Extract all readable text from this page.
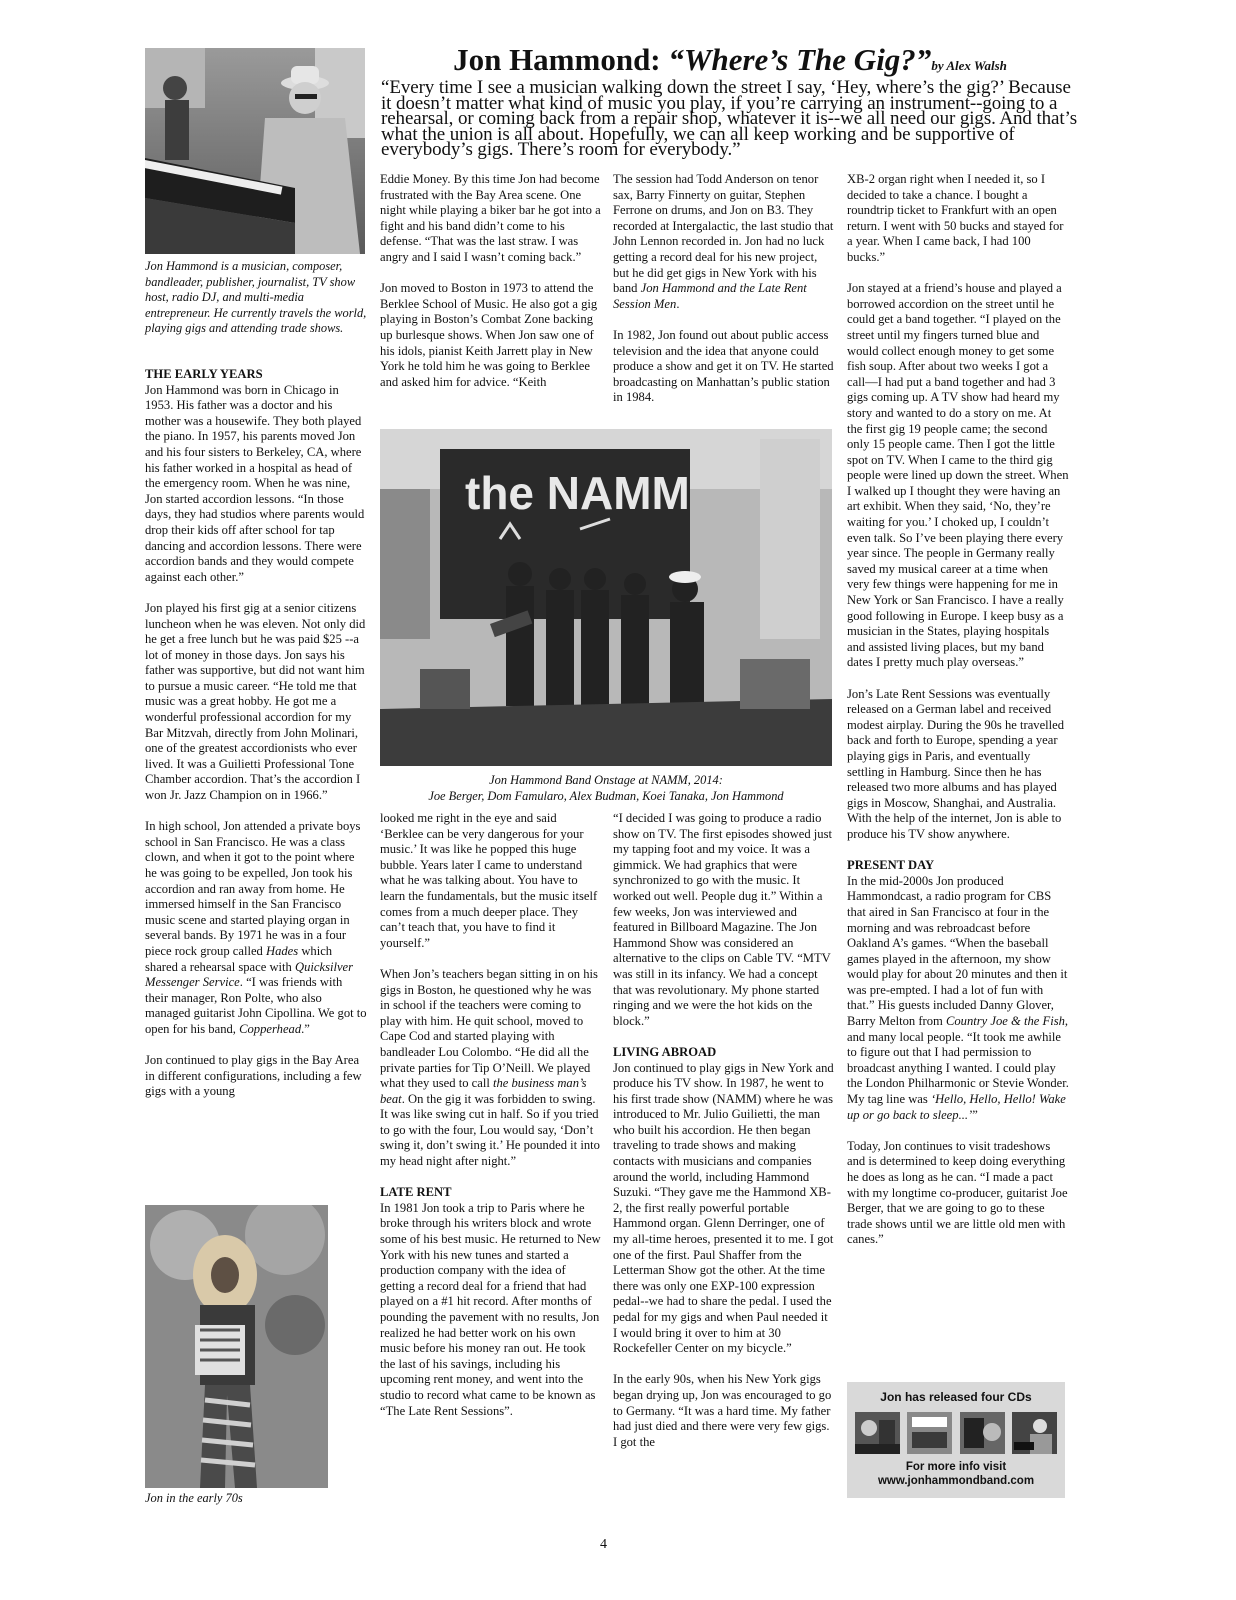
Jon Hammond: “Where’s The Gig?”by Alex Walsh
“Every time I see a musician walking down the street I say, ‘Hey, where’s the gig?’ Because it doesn’t matter what kind of music you play, if you’re carrying an instrument--going to a rehearsal, or coming back from a repair shop, whatever it is--we all need our gigs. And that’s what the union is all about. Hopefully, we can all keep working and be supportive of everybody’s gigs. There’s room for everybody.”
Jon Hammond is a musician, composer, bandleader, publisher, journalist, TV show host, radio DJ, and multi-media entrepreneur. He currently travels the world, playing gigs and attending trade shows.
THE EARLY YEARS

Jon Hammond was born in Chicago in 1953. His father was a doctor and his mother was a housewife. They both played the piano. In 1957, his parents moved Jon and his four sisters to Berkeley, CA, where his father worked in a hospital as head of the emergency room. When he was nine, Jon started accordion lessons. “In those days, they had studios where parents would drop their kids off after school for tap dancing and accordion lessons. There were accordion bands and they would compete against each other.”

Jon played his first gig at a senior citizens luncheon when he was eleven. Not only did he get a free lunch but he was paid $25 --a lot of money in those days. Jon says his father was supportive, but did not want him to pursue a music career. “He told me that music was a great hobby. He got me a wonderful professional accordion for my Bar Mitzvah, directly from John Molinari, one of the greatest accordionists who ever lived. It was a Guilietti Professional Tone Chamber accordion. That’s the accordion I won Jr. Jazz Champion on in 1966.”

In high school, Jon attended a private boys school in San Francisco. He was a class clown, and when it got to the point where he was going to be expelled, Jon took his accordion and ran away from home. He immersed himself in the San Francisco music scene and started playing organ in several bands. By 1971 he was in a four piece rock group called Hades which shared a rehearsal space with Quicksilver Messenger Service. “I was friends with their manager, Ron Polte, who also managed guitarist John Cipollina. We got to open for his band, Copperhead.”

Jon continued to play gigs in the Bay Area in different configurations, including a few gigs with a young

Jon in the early 70s

Eddie Money. By this time Jon had become frustrated with the Bay Area scene. One night while playing a biker bar he got into a fight and his band didn’t come to his defense. “That was the last straw. I was angry and I said I wasn’t coming back.”

Jon moved to Boston in 1973 to attend the Berklee School of Music. He also got a gig playing in Boston’s Combat Zone backing up burlesque shows. When Jon saw one of his idols, pianist Keith Jarrett play in New York he told him he was going to Berklee and asked him for advice. “Keith

The session had Todd Anderson on tenor sax, Barry Finnerty on guitar, Stephen Ferrone on drums, and Jon on B3. They recorded at Intergalactic, the last studio that John Lennon recorded in. Jon had no luck getting a record deal for his new project, but he did get gigs in New York with his band Jon Hammond and the Late Rent Session Men.

In 1982, Jon found out about public access television and the idea that anyone could produce a show and get it on TV. He started broadcasting on Manhattan’s public station in 1984.

the NAMM
Jon Hammond Band Onstage at NAMM, 2014:
Joe Berger, Dom Famularo, Alex Budman, Koei Tanaka, Jon Hammond

looked me right in the eye and said ‘Berklee can be very dangerous for your music.’ It was like he popped this huge bubble. Years later I came to understand what he was talking about. You have to learn the fundamentals, but the music itself comes from a much deeper place. They can’t teach that, you have to find it yourself.”

When Jon’s teachers began sitting in on his gigs in Boston, he questioned why he was in school if the teachers were coming to play with him. He quit school, moved to Cape Cod and started playing with bandleader Lou Colombo. “He did all the private parties for Tip O’Neill. We played what they used to call the business man’s beat. On the gig it was forbidden to swing. It was like swing cut in half. So if you tried to go with the four, Lou would say, ‘Don’t swing it, don’t swing it.’ He pounded it into my head night after night.”

LATE RENT

In 1981 Jon took a trip to Paris where he broke through his writers block and wrote some of his best music. He returned to New York with his new tunes and started a production company with the idea of getting a record deal for a friend that had played on a #1 hit record. After months of pounding the pavement with no results, Jon realized he had better work on his own music before his money ran out. He took the last of his savings, including his upcoming rent money, and went into the studio to record what came to be known as “The Late Rent Sessions”.

“I decided I was going to produce a radio show on TV. The first episodes showed just my tapping foot and my voice. It was a gimmick. We had graphics that were synchronized to go with the music. It worked out well. People dug it.” Within a few weeks, Jon was interviewed and featured in Billboard Magazine. The Jon Hammond Show was considered an alternative to the clips on Cable TV. “MTV was still in its infancy. We had a concept that was revolutionary. My phone started ringing and we were the hot kids on the block.”

LIVING ABROAD

Jon continued to play gigs in New York and produce his TV show. In 1987, he went to his first trade show (NAMM) where he was introduced to Mr. Julio Guilietti, the man who built his accordion. He then began traveling to trade shows and making contacts with musicians and companies around the world, including Hammond Suzuki. “They gave me the Hammond XB-2, the first really powerful portable Hammond organ. Glenn Derringer, one of my all-time heroes, presented it to me. I got one of the first. Paul Shaffer from the Letterman Show got the other. At the time there was only one EXP-100 expression pedal--we had to share the pedal. I used the pedal for my gigs and when Paul needed it I would bring it over to him at 30 Rockefeller Center on my bicycle.”

In the early 90s, when his New York gigs began drying up, Jon was encouraged to go to Germany. “It was a hard time. My father had just died and there were very few gigs. I got the

XB-2 organ right when I needed it, so I decided to take a chance. I bought a roundtrip ticket to Frankfurt with an open return. I went with 50 bucks and stayed for a year. When I came back, I had 100 bucks.”

Jon stayed at a friend’s house and played a borrowed accordion on the street until he could get a band together. “I played on the street until my fingers turned blue and would collect enough money to get some fish soup. After about two weeks I got a call—I had put a band together and had 3 gigs coming up. A TV show had heard my story and wanted to do a story on me. At the first gig 19 people came; the second only 15 people came. Then I got the little spot on TV. When I came to the third gig people were lined up down the street. When I walked up I thought they were having an art exhibit. When they said, ‘No, they’re waiting for you.’ I choked up, I couldn’t even talk. So I’ve been playing there every year since. The people in Germany really saved my musical career at a time when very few things were happening for me in New York or San Francisco. I have a really good following in Europe. I keep busy as a musician in the States, playing hospitals and assisted living places, but my band dates I pretty much play overseas.”

Jon’s Late Rent Sessions was eventually released on a German label and received modest airplay. During the 90s he travelled back and forth to Europe, spending a year playing gigs in Paris, and eventually settling in Hamburg. Since then he has released two more albums and has played gigs in Moscow, Shanghai, and Australia. With the help of the internet, Jon is able to produce his TV show anywhere.

PRESENT DAY

In the mid-2000s Jon produced Hammondcast, a radio program for CBS that aired in San Francisco at four in the morning and was rebroadcast before Oakland A’s games. “When the baseball games played in the afternoon, my show would play for about 20 minutes and then it was pre-empted. I had a lot of fun with that.” His guests included Danny Glover, Barry Melton from Country Joe & the Fish, and many local people. “It took me awhile to figure out that I had permission to broadcast anything I wanted. I could play the London Philharmonic or Stevie Wonder. My tag line was ‘Hello, Hello, Hello! Wake up or go back to sleep...’”

Today, Jon continues to visit tradeshows and is determined to keep doing everything he does as long as he can. “I made a pact with my longtime co-producer, guitarist Joe Berger, that we are going to go to these trade shows until we are little old men with canes.”

Jon has released four CDs
For more info visit
www.jonhammondband.com
4
